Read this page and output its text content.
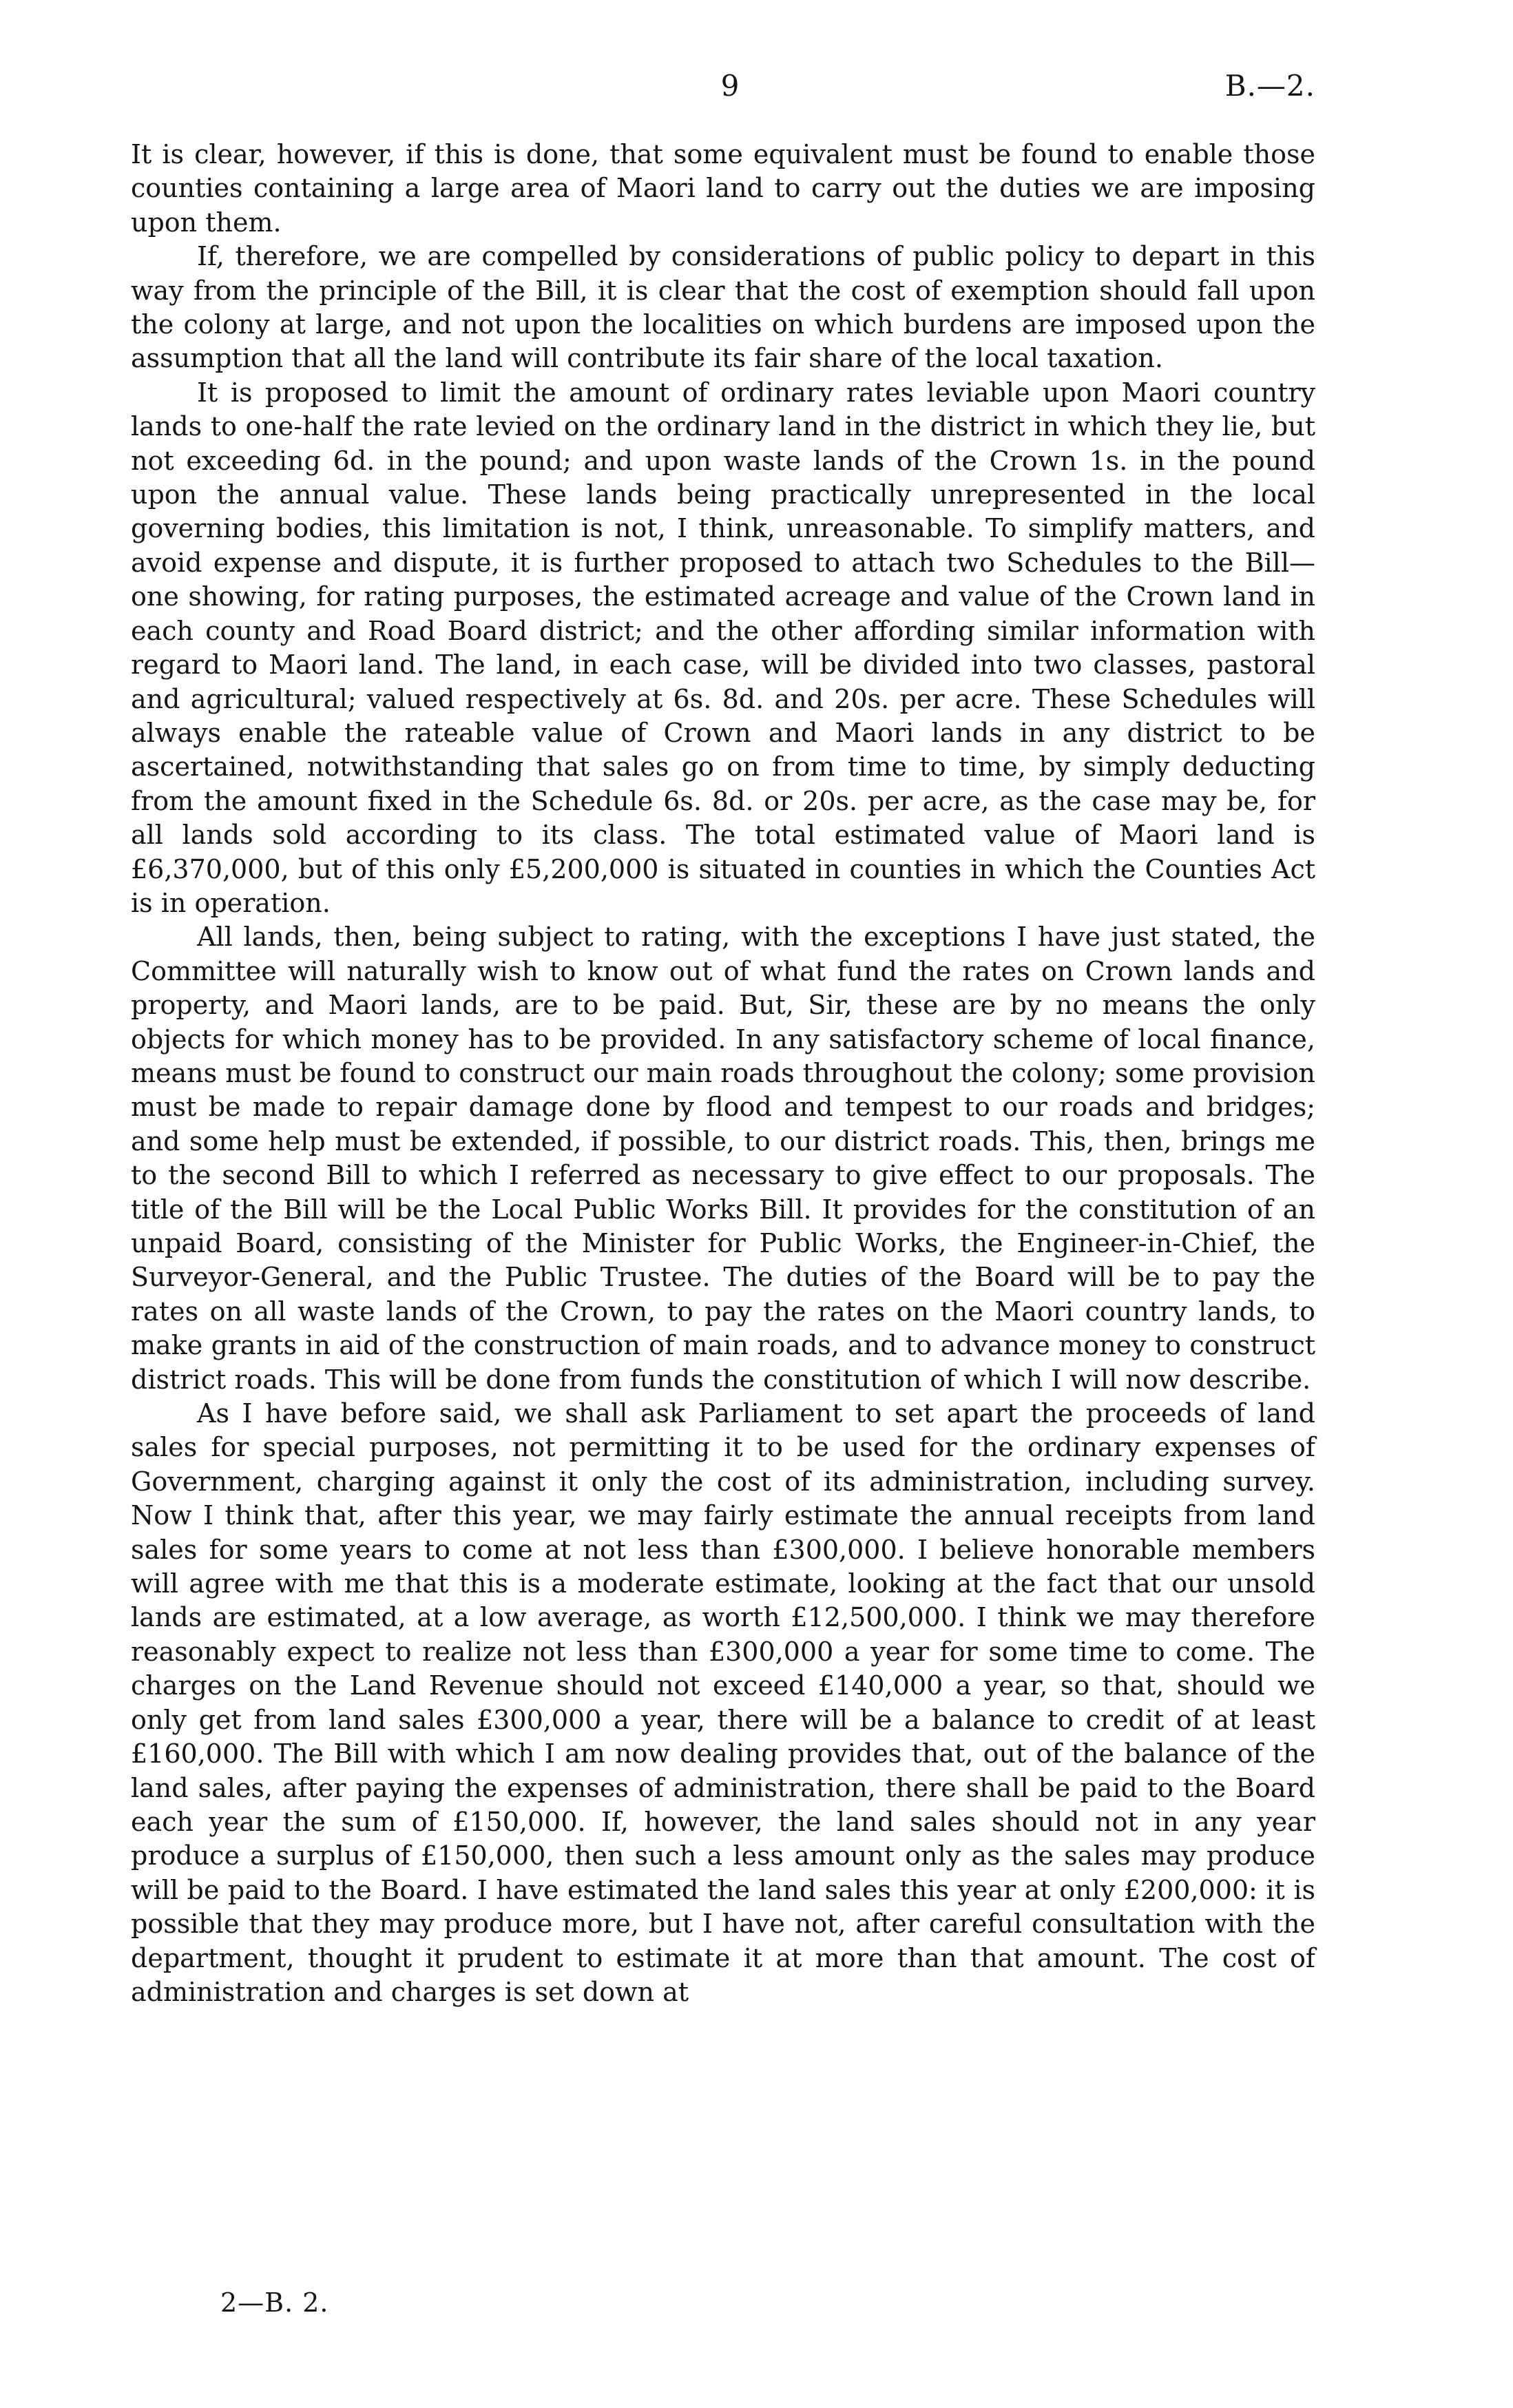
9	B.—2.

It is clear, however, if this is done, that some equivalent must be found to enable those counties containing a large area of Maori land to carry out the duties we are imposing upon them.

If, therefore, we are compelled by considerations of public policy to depart in this way from the principle of the Bill, it is clear that the cost of exemption should fall upon the colony at large, and not upon the localities on which burdens are imposed upon the assumption that all the land will contribute its fair share of the local taxation.

It is proposed to limit the amount of ordinary rates leviable upon Maori country lands to one-half the rate levied on the ordinary land in the district in which they lie, but not exceeding 6d. in the pound; and upon waste lands of the Crown 1s. in the pound upon the annual value. These lands being practically unrepresented in the local governing bodies, this limitation is not, I think, unreasonable. To simplify matters, and avoid expense and dispute, it is further proposed to attach two Schedules to the Bill—one showing, for rating purposes, the estimated acreage and value of the Crown land in each county and Road Board district; and the other affording similar information with regard to Maori land. The land, in each case, will be divided into two classes, pastoral and agricultural; valued respectively at 6s. 8d. and 20s. per acre. These Schedules will always enable the rateable value of Crown and Maori lands in any district to be ascertained, notwithstanding that sales go on from time to time, by simply deducting from the amount fixed in the Schedule 6s. 8d. or 20s. per acre, as the case may be, for all lands sold according to its class. The total estimated value of Maori land is £6,370,000, but of this only £5,200,000 is situated in counties in which the Counties Act is in operation.

All lands, then, being subject to rating, with the exceptions I have just stated, the Committee will naturally wish to know out of what fund the rates on Crown lands and property, and Maori lands, are to be paid. But, Sir, these are by no means the only objects for which money has to be provided. In any satisfactory scheme of local finance, means must be found to construct our main roads throughout the colony; some provision must be made to repair damage done by flood and tempest to our roads and bridges; and some help must be extended, if possible, to our district roads. This, then, brings me to the second Bill to which I referred as necessary to give effect to our proposals. The title of the Bill will be the Local Public Works Bill. It provides for the constitution of an unpaid Board, consisting of the Minister for Public Works, the Engineer-in-Chief, the Surveyor-General, and the Public Trustee. The duties of the Board will be to pay the rates on all waste lands of the Crown, to pay the rates on the Maori country lands, to make grants in aid of the construction of main roads, and to advance money to construct district roads. This will be done from funds the constitution of which I will now describe.

As I have before said, we shall ask Parliament to set apart the proceeds of land sales for special purposes, not permitting it to be used for the ordinary expenses of Government, charging against it only the cost of its administration, including survey. Now I think that, after this year, we may fairly estimate the annual receipts from land sales for some years to come at not less than £300,000. I believe honorable members will agree with me that this is a moderate estimate, looking at the fact that our unsold lands are estimated, at a low average, as worth £12,500,000. I think we may therefore reasonably expect to realize not less than £300,000 a year for some time to come. The charges on the Land Revenue should not exceed £140,000 a year, so that, should we only get from land sales £300,000 a year, there will be a balance to credit of at least £160,000. The Bill with which I am now dealing provides that, out of the balance of the land sales, after paying the expenses of administration, there shall be paid to the Board each year the sum of £150,000. If, however, the land sales should not in any year produce a surplus of £150,000, then such a less amount only as the sales may produce will be paid to the Board. I have estimated the land sales this year at only £200,000: it is possible that they may produce more, but I have not, after careful consultation with the department, thought it prudent to estimate it at more than that amount. The cost of administration and charges is set down at

2—B. 2.
